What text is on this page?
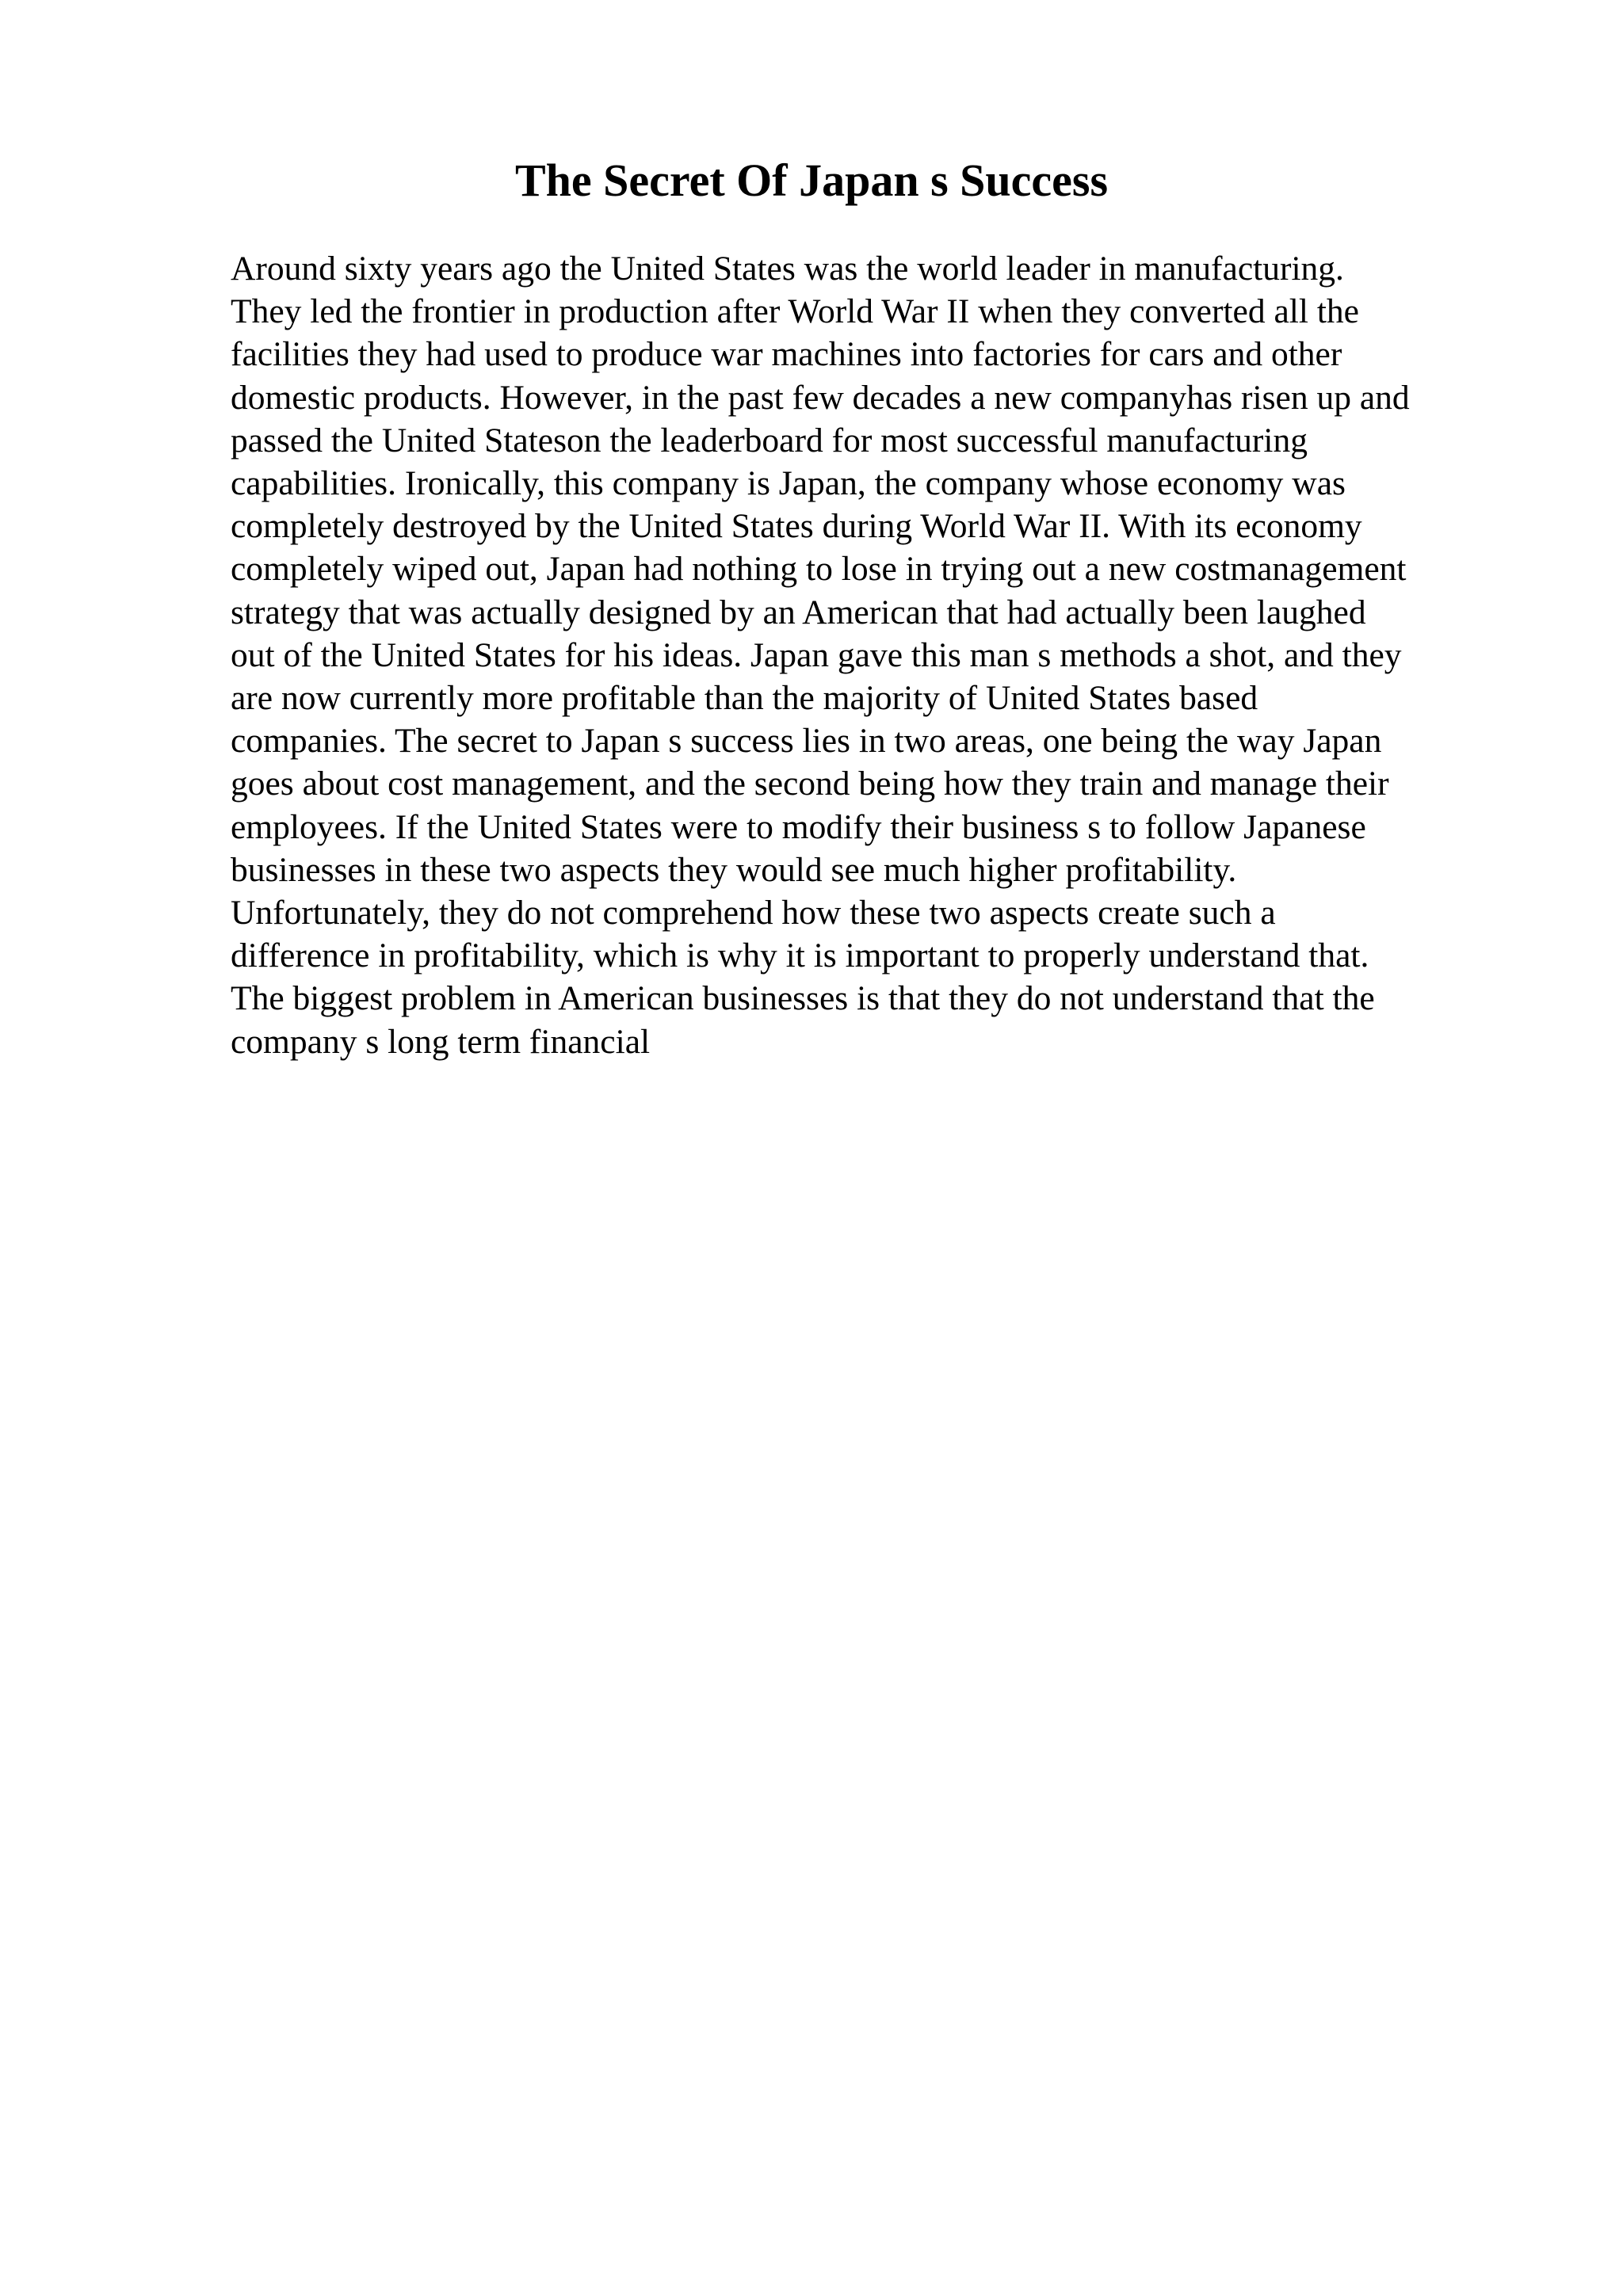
The Secret Of Japan s Success
Around sixty years ago the United States was the world leader in manufacturing.
They led the frontier in production after World War II when they converted all the
facilities they had used to produce war machines into factories for cars and other
domestic products. However, in the past few decades a new companyhas risen up and
passed the United Stateson the leaderboard for most successful manufacturing
capabilities. Ironically, this company is Japan, the company whose economy was
completely destroyed by the United States during World War II. With its economy
completely wiped out, Japan had nothing to lose in trying out a new costmanagement
strategy that was actually designed by an American that had actually been laughed
out of the United States for his ideas. Japan gave this man s methods a shot, and they
are now currently more profitable than the majority of United States based
companies. The secret to Japan s success lies in two areas, one being the way Japan
goes about cost management, and the second being how they train and manage their
employees. If the United States were to modify their business s to follow Japanese
businesses in these two aspects they would see much higher profitability.
Unfortunately, they do not comprehend how these two aspects create such a
difference in profitability, which is why it is important to properly understand that.
The biggest problem in American businesses is that they do not understand that the
company s long term financial
